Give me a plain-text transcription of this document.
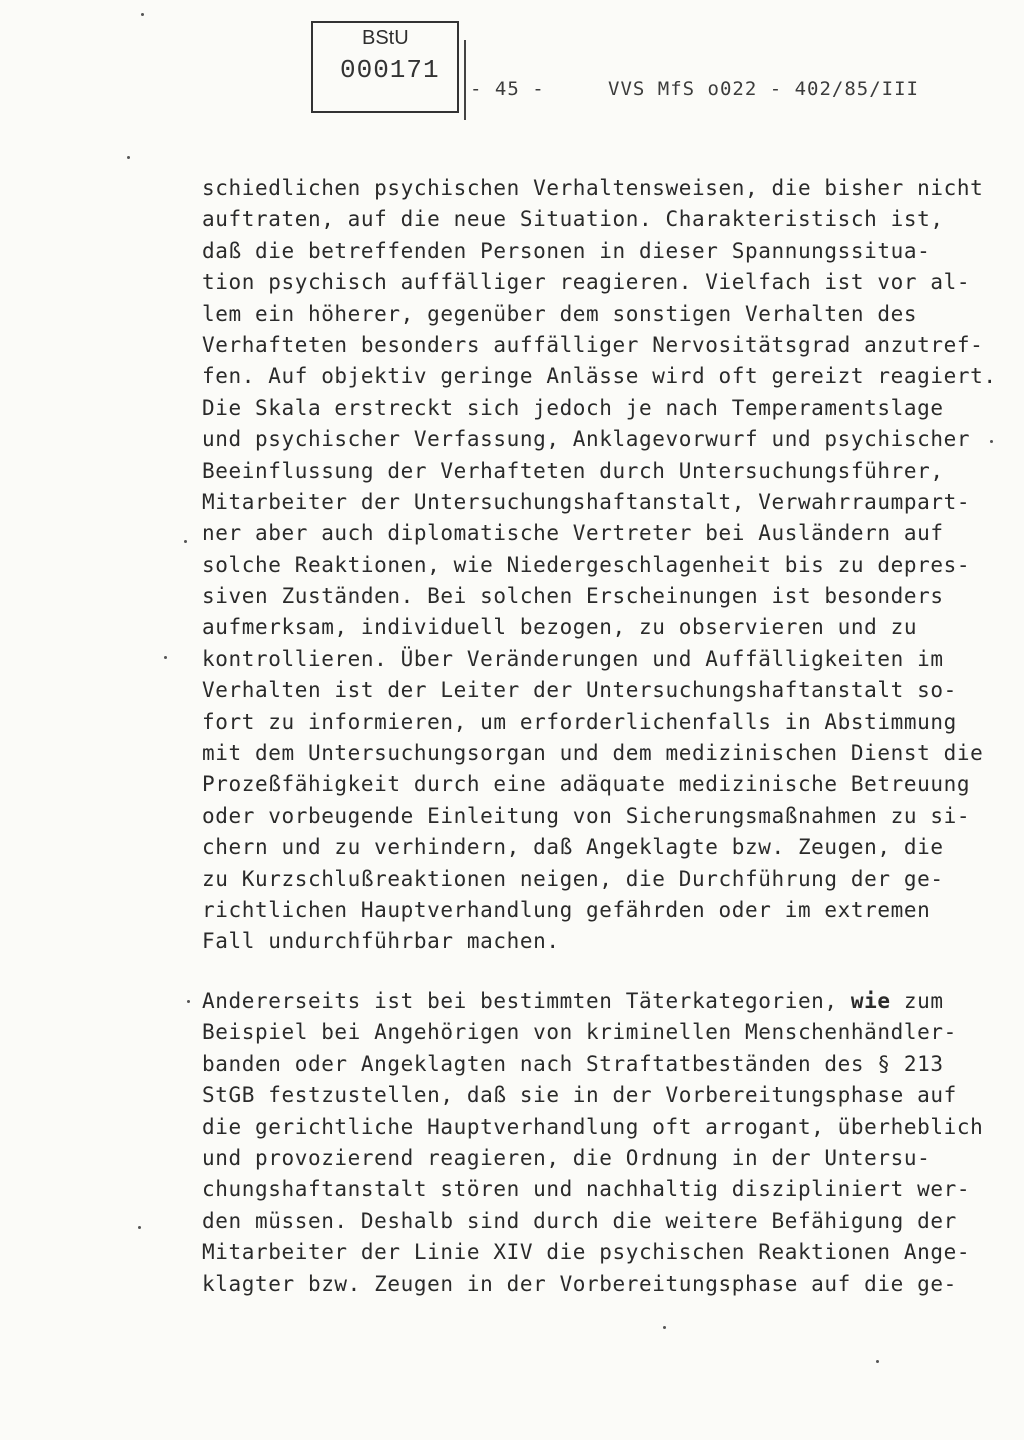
BStU
000171
- 45 -	VVS MfS o022 - 402/85/III
schiedlichen psychischen Verhaltensweisen, die bisher nicht
auftraten, auf die neue Situation. Charakteristisch ist,
daß die betreffenden Personen in dieser Spannungssitua-
tion psychisch auffälliger reagieren. Vielfach ist vor al-
lem ein höherer, gegenüber dem sonstigen Verhalten des
Verhafteten besonders auffälliger Nervositätsgrad anzutref-
fen. Auf objektiv geringe Anlässe wird oft gereizt reagiert.
Die Skala erstreckt sich jedoch je nach Temperamentslage
und psychischer Verfassung, Anklagevorwurf und psychischer
Beeinflussung der Verhafteten durch Untersuchungsführer,
Mitarbeiter der Untersuchungshaftanstalt, Verwahrraumpart-
ner aber auch diplomatische Vertreter bei Ausländern auf
solche Reaktionen, wie Niedergeschlagenheit bis zu depres-
siven Zuständen. Bei solchen Erscheinungen ist besonders
aufmerksam, individuell bezogen, zu observieren und zu
kontrollieren. Über Veränderungen und Auffälligkeiten im
Verhalten ist der Leiter der Untersuchungshaftanstalt so-
fort zu informieren, um erforderlichenfalls in Abstimmung
mit dem Untersuchungsorgan und dem medizinischen Dienst die
Prozeßfähigkeit durch eine adäquate medizinische Betreuung
oder vorbeugende Einleitung von Sicherungsmaßnahmen zu si-
chern und zu verhindern, daß Angeklagte bzw. Zeugen, die
zu Kurzschlußreaktionen neigen, die Durchführung der ge-
richtlichen Hauptverhandlung gefährden oder im extremen
Fall undurchführbar machen.
Andererseits ist bei bestimmten Täterkategorien, wie zum
Beispiel bei Angehörigen von kriminellen Menschenhändler-
banden oder Angeklagten nach Straftatbeständen des § 213
StGB festzustellen, daß sie in der Vorbereitungsphase auf
die gerichtliche Hauptverhandlung oft arrogant, überheblich
und provozierend reagieren, die Ordnung in der Untersu-
chungshaftanstalt stören und nachhaltig diszipliniert wer-
den müssen. Deshalb sind durch die weitere Befähigung der
Mitarbeiter der Linie XIV die psychischen Reaktionen Ange-
klagter bzw. Zeugen in der Vorbereitungsphase auf die ge-
